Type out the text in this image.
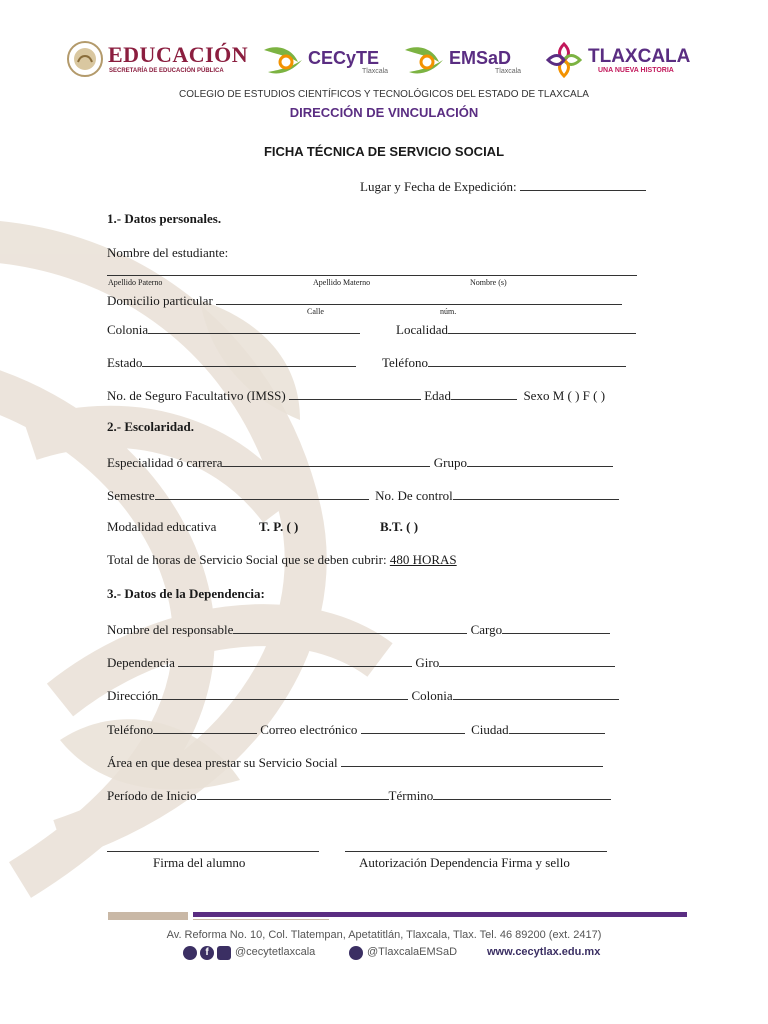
EDUCACIÓN
SECRETARÍA DE EDUCACIÓN PÚBLICA
CECyTE
Tlaxcala
EMSaD
Tlaxcala
TLAXCALA
UNA NUEVA HISTORIA
COLEGIO DE ESTUDIOS CIENTÍFICOS Y TECNOLÓGICOS DEL ESTADO DE TLAXCALA
DIRECCIÓN DE VINCULACIÓN
FICHA TÉCNICA DE SERVICIO SOCIAL
Lugar y Fecha de Expedición:
1.- Datos personales.
Nombre del estudiante:
Apellido Paterno	Apellido Materno	Nombre (s)
Domicilio particular
Calle	núm.
Colonia	Localidad
Estado	Teléfono
No. de Seguro Facultativo (IMSS)	Edad	Sexo M ( ) F ( )
2.- Escolaridad.
Especialidad ó carrera	Grupo
Semestre	No. De control
Modalidad educativa	T. P. ( )	B.T. ( )
Total de horas de Servicio Social que se deben cubrir: 480 HORAS
3.- Datos de la Dependencia:
Nombre del responsable	Cargo
Dependencia	Giro
Dirección	Colonia
Teléfono	Correo electrónico	Ciudad
Área en que desea prestar su Servicio Social
Período de Inicio	Término
Firma del alumno	Autorización Dependencia Firma y sello
Av. Reforma No. 10, Col. Tlatempan, Apetatitlán, Tlaxcala, Tlax. Tel. 46 89200 (ext. 2417)
f	@cecytetlaxcala	@TlaxcalaEMSaD	www.cecytlax.edu.mx
